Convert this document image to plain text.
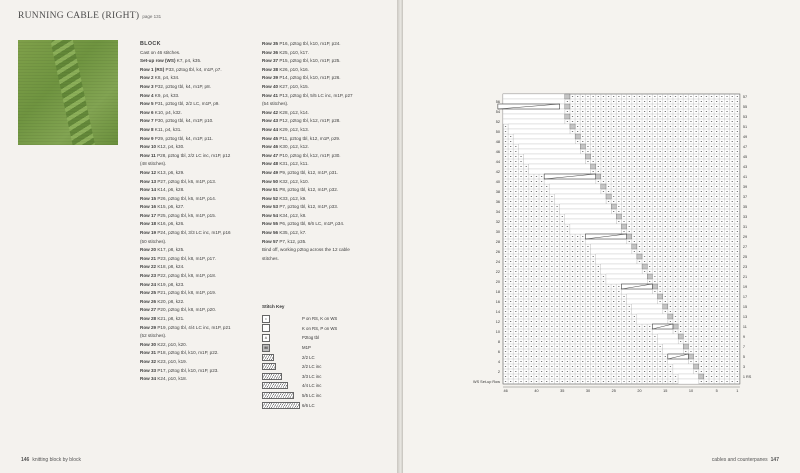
RUNNING CABLE (RIGHT) page 131
BLOCK
Cast on 46 stitches.
Set-up row (WS) K7, p4, k35.
Row 1 (RS) P33, p2tog tbl, k4, m1P, p7.
Row 2 K8, p4, k34.
Row 3 P32, p2tog tbl, k4, m1P, p8.
Row 4 K9, p4, k33.
Row 5 P31, p2tog tbl, 2/2 LC, m1P, p9.
Row 6 K10, p4, k32.
Row 7 P30, p2tog tbl, k4, m1P, p10.
Row 8 K11, p4, k31.
Row 9 P29, p2tog tbl, k4, m1P, p11.
Row 10 K12, p4, k30.
Row 11 P28, p2tog tbl, 2/2 LC inc, m1P, p12
(48 stitches).
Row 12 K13, p6, k29.
Row 13 P27, p2tog tbl, k6, m1P, p13.
Row 14 K14, p6, k28.
Row 15 P26, p2tog tbl, k6, m1P, p14.
Row 16 K15, p6, k27.
Row 17 P25, p2tog tbl, k6, m1P, p15.
Row 18 K16, p6, k26.
Row 19 P24, p2tog tbl, 3/3 LC inc, m1P, p16
(50 stitches).
Row 20 K17, p8, k25.
Row 21 P23, p2tog tbl, k8, m1P, p17.
Row 22 K18, p8, k24.
Row 23 P22, p2tog tbl, k8, m1P, p18.
Row 24 K19, p8, k23.
Row 25 P21, p2tog tbl, k8, m1P, p19.
Row 26 K20, p8, k22.
Row 27 P20, p2tog tbl, k8, m1P, p20.
Row 28 K21, p8, k21.
Row 29 P19, p2tog tbl, 4/4 LC inc, m1P, p21
(52 stitches).
Row 30 K22, p10, k20.
Row 31 P18, p2tog tbl, k10, m1P, p22.
Row 32 K23, p10, k19.
Row 33 P17, p2tog tbl, k10, m1P, p23.
Row 34 K24, p10, k18.
Row 35 P16, p2tog tbl, k10, m1P, p24.
Row 36 K25, p10, k17.
Row 37 P15, p2tog tbl, k10, m1P, p25.
Row 38 K26, p10, k16.
Row 39 P14, p2tog tbl, k10, m1P, p26.
Row 40 K27, p10, k15.
Row 41 P13, p2tog tbl, 5/5 LC inc, m1P, p27
(54 stitches).
Row 42 K28, p12, k14.
Row 43 P12, p2tog tbl, k12, m1P, p28.
Row 44 K29, p12, k13.
Row 45 P11, p2tog tbl, k12, m1P, p29.
Row 46 K30, p12, k12.
Row 47 P10, p2tog tbl, k12, m1P, p30.
Row 48 K31, p12, k11.
Row 49 P9, p2tog tbl, k12, m1P, p31.
Row 50 K32, p12, k10.
Row 51 P8, p2tog tbl, k12, m1P, p32.
Row 52 K33, p12, k9.
Row 53 P7, p2tog tbl, k12, m1P, p33.
Row 54 K34, p12, k8.
Row 55 P6, p2tog tbl, 6/6 LC, m1P, p34.
Row 56 K35, p12, k7.
Row 57 P7, k12, p35.
Bind off, working p2tog across the 12 cable
stitches.
Stitch Key
•	P on RS, K on WS
K on RS, P on WS
⋏	P2tog tbl
M	M1P
2/2 LC
2/2 LC inc
3/3 LC inc
4/4 LC inc
5/5 LC inc
6/6 LC
146 knitting block by block
56
54
52
50
48
46
44
42
40
38
36
34
32
30
28
26
24
22
20
18
16
14
12
10
8
6
4
2
57
55
53
51
49
47
45
43
41
39
37
35
33
31
29
27
25
23
21
19
17
15
13
11
9
7
5
3
1 RS
WS Set-up Row
46	40	35	30	25	20	15	10	5	1
cables and counterpanes 147
